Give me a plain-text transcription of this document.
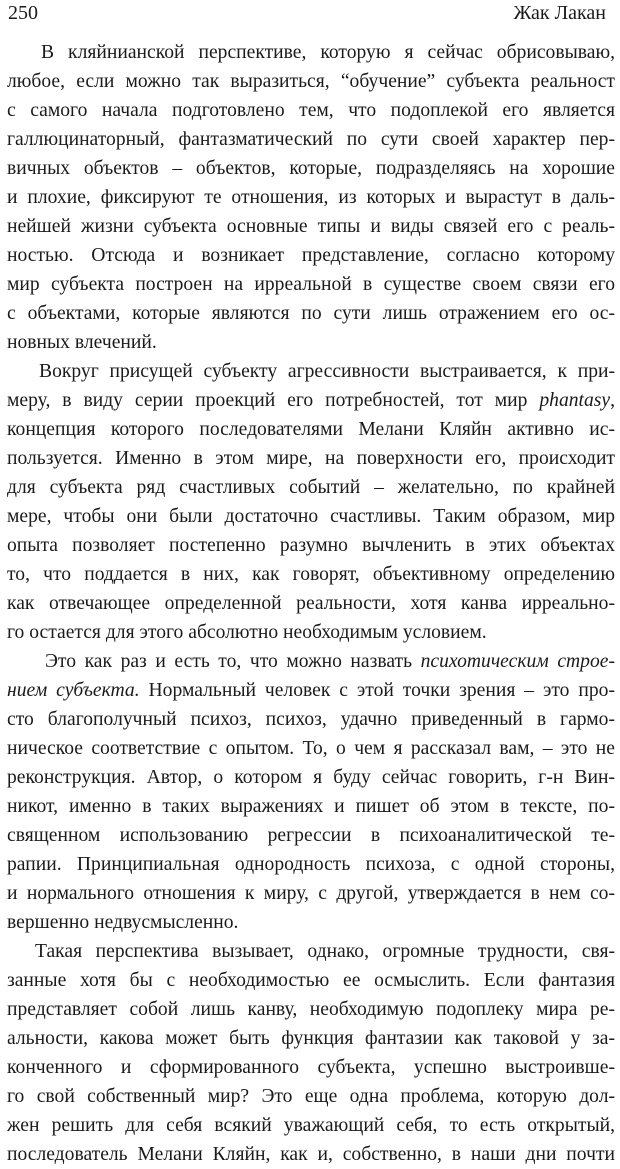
250	Жак Лакан
В кляйнианской перспективе, которую я сейчас обрисовываю,
любое, если можно так выразиться, “обучение” субъекта реальност
с самого начала подготовлено тем, что подоплекой его является
галлюцинаторный, фантазматический по сути своей характер пер-
вичных объектов – объектов, которые, подразделяясь на хорошие
и плохие, фиксируют те отношения, из которых и вырастут в даль-
нейшей жизни субъекта основные типы и виды связей его с реаль-
ностью. Отсюда и возникает представление, согласно которому
мир субъекта построен на ирреальной в существе своем связи его
с объектами, которые являются по сути лишь отражением его ос-
новных влечений.
Вокруг присущей субъекту агрессивности выстраивается, к при-
меру, в виду серии проекций его потребностей, тот мир phantasy,
концепция которого последователями Мелани Кляйн активно ис-
пользуется. Именно в этом мире, на поверхности его, происходит
для субъекта ряд счастливых событий – желательно, по крайней
мере, чтобы они были достаточно счастливы. Таким образом, мир
опыта позволяет постепенно разумно вычленить в этих объектах
то, что поддается в них, как говорят, объективному определению
как отвечающее определенной реальности, хотя канва ирреально-
го остается для этого абсолютно необходимым условием.
Это как раз и есть то, что можно назвать психотическим строе-
нием субъекта. Нормальный человек с этой точки зрения – это про-
сто благополучный психоз, психоз, удачно приведенный в гармо-
ническое соответствие с опытом. То, о чем я рассказал вам, – это не
реконструкция. Автор, о котором я буду сейчас говорить, г-н Вин-
никот, именно в таких выражениях и пишет об этом в тексте, по-
священном использованию регрессии в психоаналитической те-
рапии. Принципиальная однородность психоза, с одной стороны,
и нормального отношения к миру, с другой, утверждается в нем со-
вершенно недвусмысленно.
Такая перспектива вызывает, однако, огромные трудности, свя-
занные хотя бы с необходимостью ее осмыслить. Если фантазия
представляет собой лишь канву, необходимую подоплеку мира ре-
альности, какова может быть функция фантазии как таковой у за-
конченного и сформированного субъекта, успешно выстроивше-
го свой собственный мир? Это еще одна проблема, которую дол-
жен решить для себя всякий уважающий себя, то есть открытый,
последователь Мелани Кляйн, как и, собственно, в наши дни почти
